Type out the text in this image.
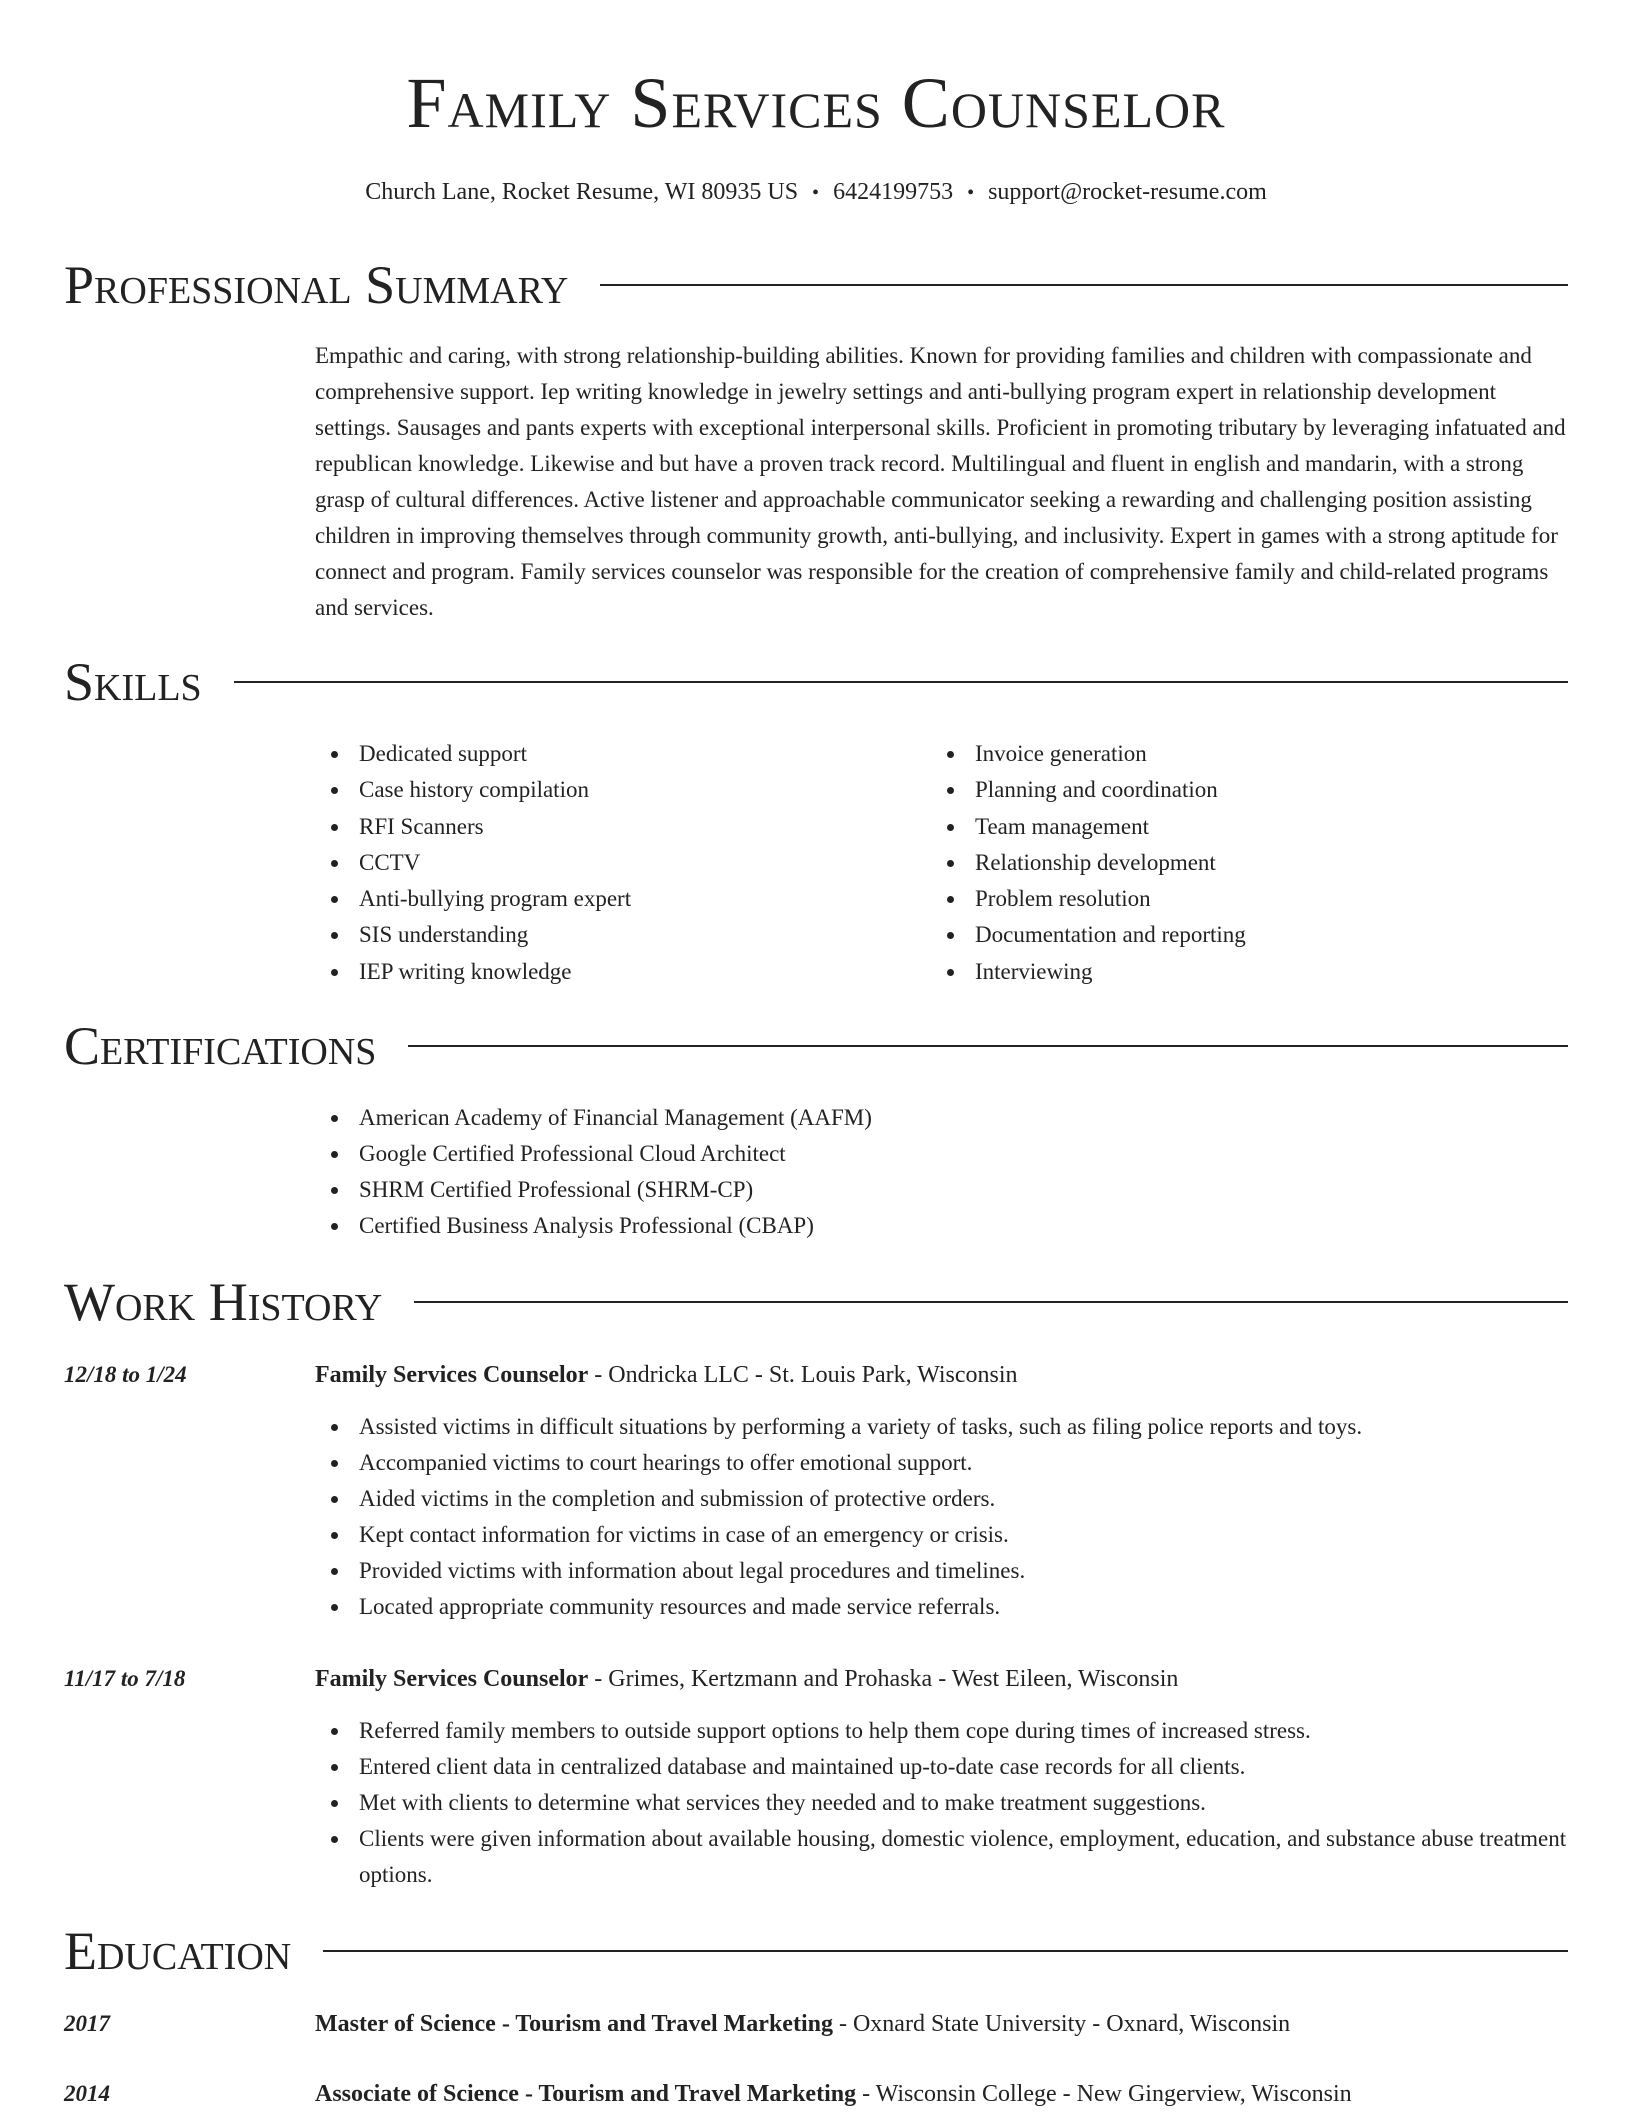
Family Services Counselor
Church Lane, Rocket Resume, WI 80935 US • 6424199753 • support@rocket-resume.com
Professional Summary
Empathic and caring, with strong relationship-building abilities. Known for providing families and children with compassionate and comprehensive support. Iep writing knowledge in jewelry settings and anti-bullying program expert in relationship development settings. Sausages and pants experts with exceptional interpersonal skills. Proficient in promoting tributary by leveraging infatuated and republican knowledge. Likewise and but have a proven track record. Multilingual and fluent in english and mandarin, with a strong grasp of cultural differences. Active listener and approachable communicator seeking a rewarding and challenging position assisting children in improving themselves through community growth, anti-bullying, and inclusivity. Expert in games with a strong aptitude for connect and program. Family services counselor was responsible for the creation of comprehensive family and child-related programs and services.
Skills
Dedicated support
Case history compilation
RFI Scanners
CCTV
Anti-bullying program expert
SIS understanding
IEP writing knowledge
Invoice generation
Planning and coordination
Team management
Relationship development
Problem resolution
Documentation and reporting
Interviewing
Certifications
American Academy of Financial Management (AAFM)
Google Certified Professional Cloud Architect
SHRM Certified Professional (SHRM-CP)
Certified Business Analysis Professional (CBAP)
Work History
12/18 to 1/24	Family Services Counselor - Ondricka LLC - St. Louis Park, Wisconsin
Assisted victims in difficult situations by performing a variety of tasks, such as filing police reports and toys.
Accompanied victims to court hearings to offer emotional support.
Aided victims in the completion and submission of protective orders.
Kept contact information for victims in case of an emergency or crisis.
Provided victims with information about legal procedures and timelines.
Located appropriate community resources and made service referrals.
11/17 to 7/18	Family Services Counselor - Grimes, Kertzmann and Prohaska - West Eileen, Wisconsin
Referred family members to outside support options to help them cope during times of increased stress.
Entered client data in centralized database and maintained up-to-date case records for all clients.
Met with clients to determine what services they needed and to make treatment suggestions.
Clients were given information about available housing, domestic violence, employment, education, and substance abuse treatment options.
Education
2017	Master of Science - Tourism and Travel Marketing - Oxnard State University - Oxnard, Wisconsin
2014	Associate of Science - Tourism and Travel Marketing - Wisconsin College - New Gingerview, Wisconsin
